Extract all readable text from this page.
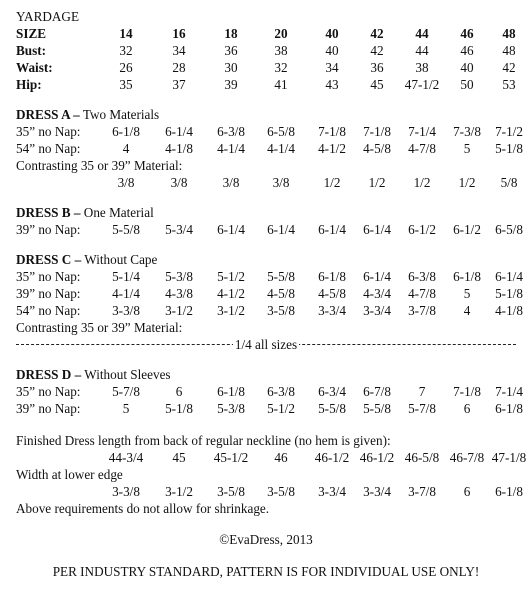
YARDAGE
SIZE	14	16	18	20	40	42	44	46	48
Bust:	32	34	36	38	40	42	44	46	48
Waist:	26	28	30	32	34	36	38	40	42
Hip:	35	37	39	41	43	45	47-1/2	50	53
DRESS A – Two Materials
35” no Nap:	6-1/8	6-1/4	6-3/8	6-5/8	7-1/8	7-1/8	7-1/4	7-3/8	7-1/2
54” no Nap:	4	4-1/8	4-1/4	4-1/4	4-1/2	4-5/8	4-7/8	5	5-1/8
Contrasting 35 or 39” Material:
3/8	3/8	3/8	3/8	1/2	1/2	1/2	1/2	5/8
DRESS B – One Material
39” no Nap:	5-5/8	5-3/4	6-1/4	6-1/4	6-1/4	6-1/4	6-1/2	6-1/2	6-5/8
DRESS C – Without Cape
35” no Nap:	5-1/4	5-3/8	5-1/2	5-5/8	6-1/8	6-1/4	6-3/8	6-1/8	6-1/4
39” no Nap:	4-1/4	4-3/8	4-1/2	4-5/8	4-5/8	4-3/4	4-7/8	5	5-1/8
54” no Nap:	3-3/8	3-1/2	3-1/2	3-5/8	3-3/4	3-3/4	3-7/8	4	4-1/8
Contrasting 35 or 39” Material:
1/4 all sizes
DRESS D – Without Sleeves
35” no Nap:	5-7/8	6	6-1/8	6-3/8	6-3/4	6-7/8	7	7-1/8	7-1/4
39” no Nap:	5	5-1/8	5-3/8	5-1/2	5-5/8	5-5/8	5-7/8	6	6-1/8
Finished Dress length from back of regular neckline (no hem is given):
44-3/4	45	45-1/2	46	46-1/2 46-1/2 46-5/8 46-7/8 47-1/8
Width at lower edge
3-3/8	3-1/2	3-5/8	3-5/8	3-3/4	3-3/4	3-7/8	6	6-1/8
Above requirements do not allow for shrinkage.
©EvaDress, 2013
PER INDUSTRY STANDARD, PATTERN IS FOR INDIVIDUAL USE ONLY!
